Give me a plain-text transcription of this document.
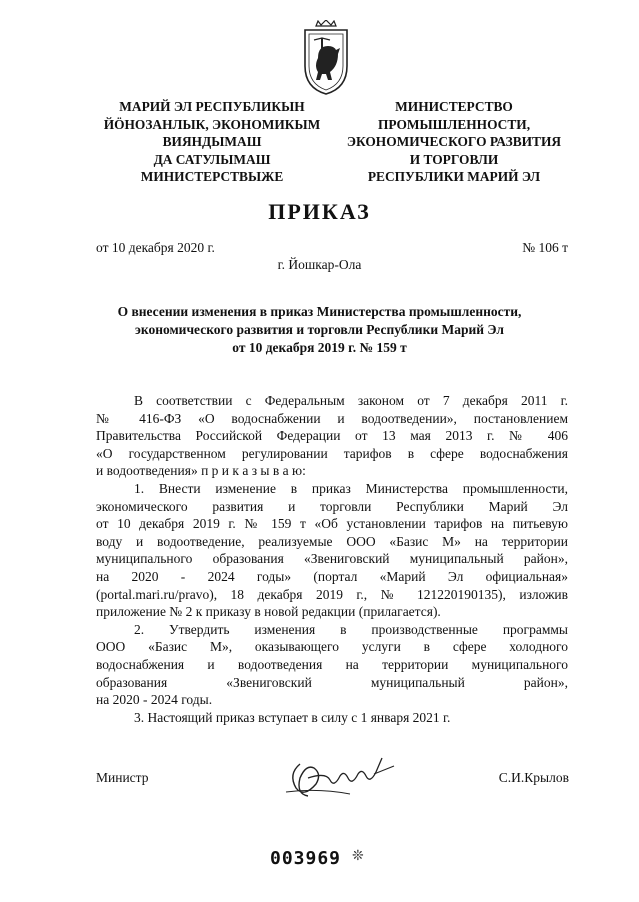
МАРИЙ ЭЛ РЕСПУБЛИКЫН
ЙӦНОЗАНЛЫК, ЭКОНОМИКЫМ
ВИЯНДЫМАШ
ДА САТУЛЫМАШ
МИНИСТЕРСТВЫЖЕ
МИНИСТЕРСТВО
ПРОМЫШЛЕННОСТИ,
ЭКОНОМИЧЕСКОГО РАЗВИТИЯ
И ТОРГОВЛИ
РЕСПУБЛИКИ МАРИЙ ЭЛ
ПРИКАЗ
от 10 декабря 2020 г.	№ 106 т
г. Йошкар-Ола
О внесении изменения в приказ Министерства промышленности,
экономического развития и торговли Республики Марий Эл
от 10 декабря 2019 г. № 159 т

В соответствии с Федеральным законом от 7 декабря 2011 г.
№ 416-ФЗ «О водоснабжении и водоотведении», постановлением
Правительства Российской Федерации от 13 мая 2013 г. № 406
«О государственном регулировании тарифов в сфере водоснабжения
и водоотведения» п р и к а з ы в а ю:

1. Внести изменение в приказ Министерства промышленности,
экономического развития и торговли Республики Марий Эл
от 10 декабря 2019 г. № 159 т «Об установлении тарифов на питьевую
воду и водоотведение, реализуемые ООО «Базис М» на территории
муниципального образования «Звениговский муниципальный район»,
на 2020 - 2024 годы» (портал «Марий Эл официальная»
(portal.mari.ru/pravo), 18 декабря 2019 г., № 121220190135), изложив
приложение № 2 к приказу в новой редакции (прилагается).

2. Утвердить изменения в производственные программы
ООО «Базис М», оказывающего услуги в сфере холодного
водоснабжения и водоотведения на территории муниципального
образования «Звениговский муниципальный район»,
на 2020 - 2024 годы.

3. Настоящий приказ вступает в силу с 1 января 2021 г.

Министр	С.И.Крылов
003969 ❊
